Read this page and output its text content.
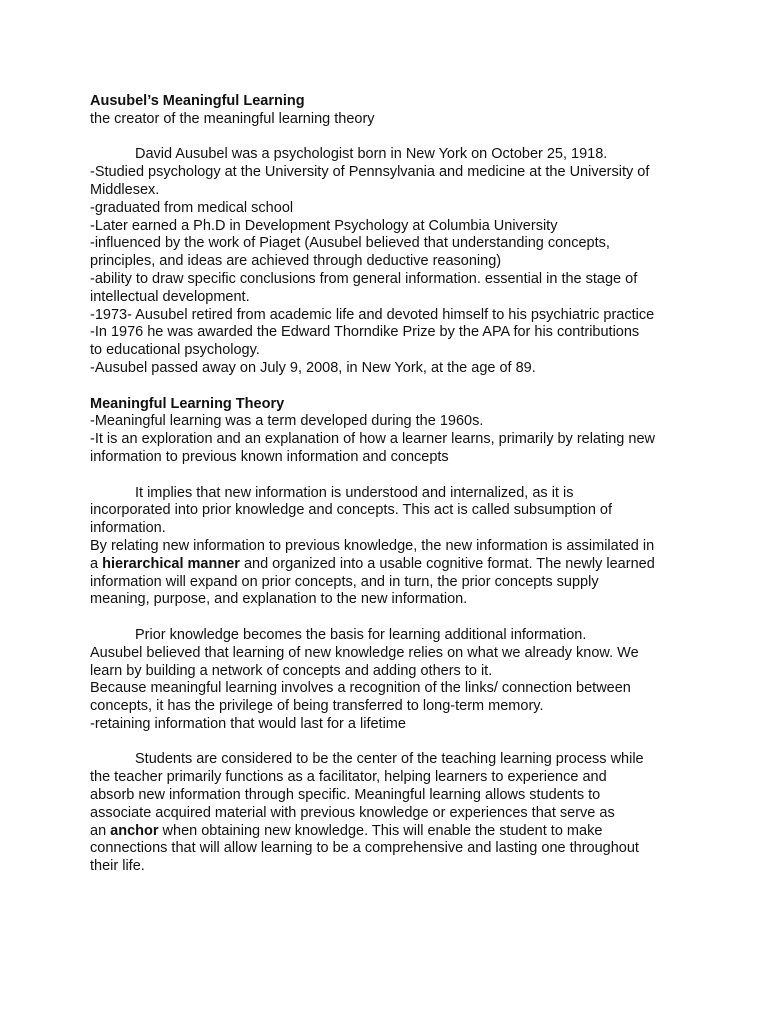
Ausubel’s Meaningful Learning
the creator of the meaningful learning theory
David Ausubel was a psychologist born in New York on October 25, 1918.
-Studied psychology at the University of Pennsylvania and medicine at the University of
Middlesex.
-graduated from medical school
-Later earned a Ph.D in Development Psychology at Columbia University
-influenced by the work of Piaget (Ausubel believed that understanding concepts,
principles, and ideas are achieved through deductive reasoning)
-ability to draw specific conclusions from general information. essential in the stage of
intellectual development.
-1973- Ausubel retired from academic life and devoted himself to his psychiatric practice
-In 1976 he was awarded the Edward Thorndike Prize by the APA for his contributions
to educational psychology.
-Ausubel passed away on July 9, 2008, in New York, at the age of 89.
Meaningful Learning Theory
-Meaningful learning was a term developed during the 1960s.
-It is an exploration and an explanation of how a learner learns, primarily by relating new
information to previous known information and concepts
It implies that new information is understood and internalized, as it is
incorporated into prior knowledge and concepts. This act is called subsumption of
information.
By relating new information to previous knowledge, the new information is assimilated in
a hierarchical manner and organized into a usable cognitive format. The newly learned
information will expand on prior concepts, and in turn, the prior concepts supply
meaning, purpose, and explanation to the new information.
Prior knowledge becomes the basis for learning additional information.
Ausubel believed that learning of new knowledge relies on what we already know. We
learn by building a network of concepts and adding others to it.
Because meaningful learning involves a recognition of the links/ connection between
concepts, it has the privilege of being transferred to long-term memory.
-retaining information that would last for a lifetime
Students are considered to be the center of the teaching learning process while
the teacher primarily functions as a facilitator, helping learners to experience and
absorb new information through specific. Meaningful learning allows students to
associate acquired material with previous knowledge or experiences that serve as
an anchor when obtaining new knowledge. This will enable the student to make
connections that will allow learning to be a comprehensive and lasting one throughout
their life.
